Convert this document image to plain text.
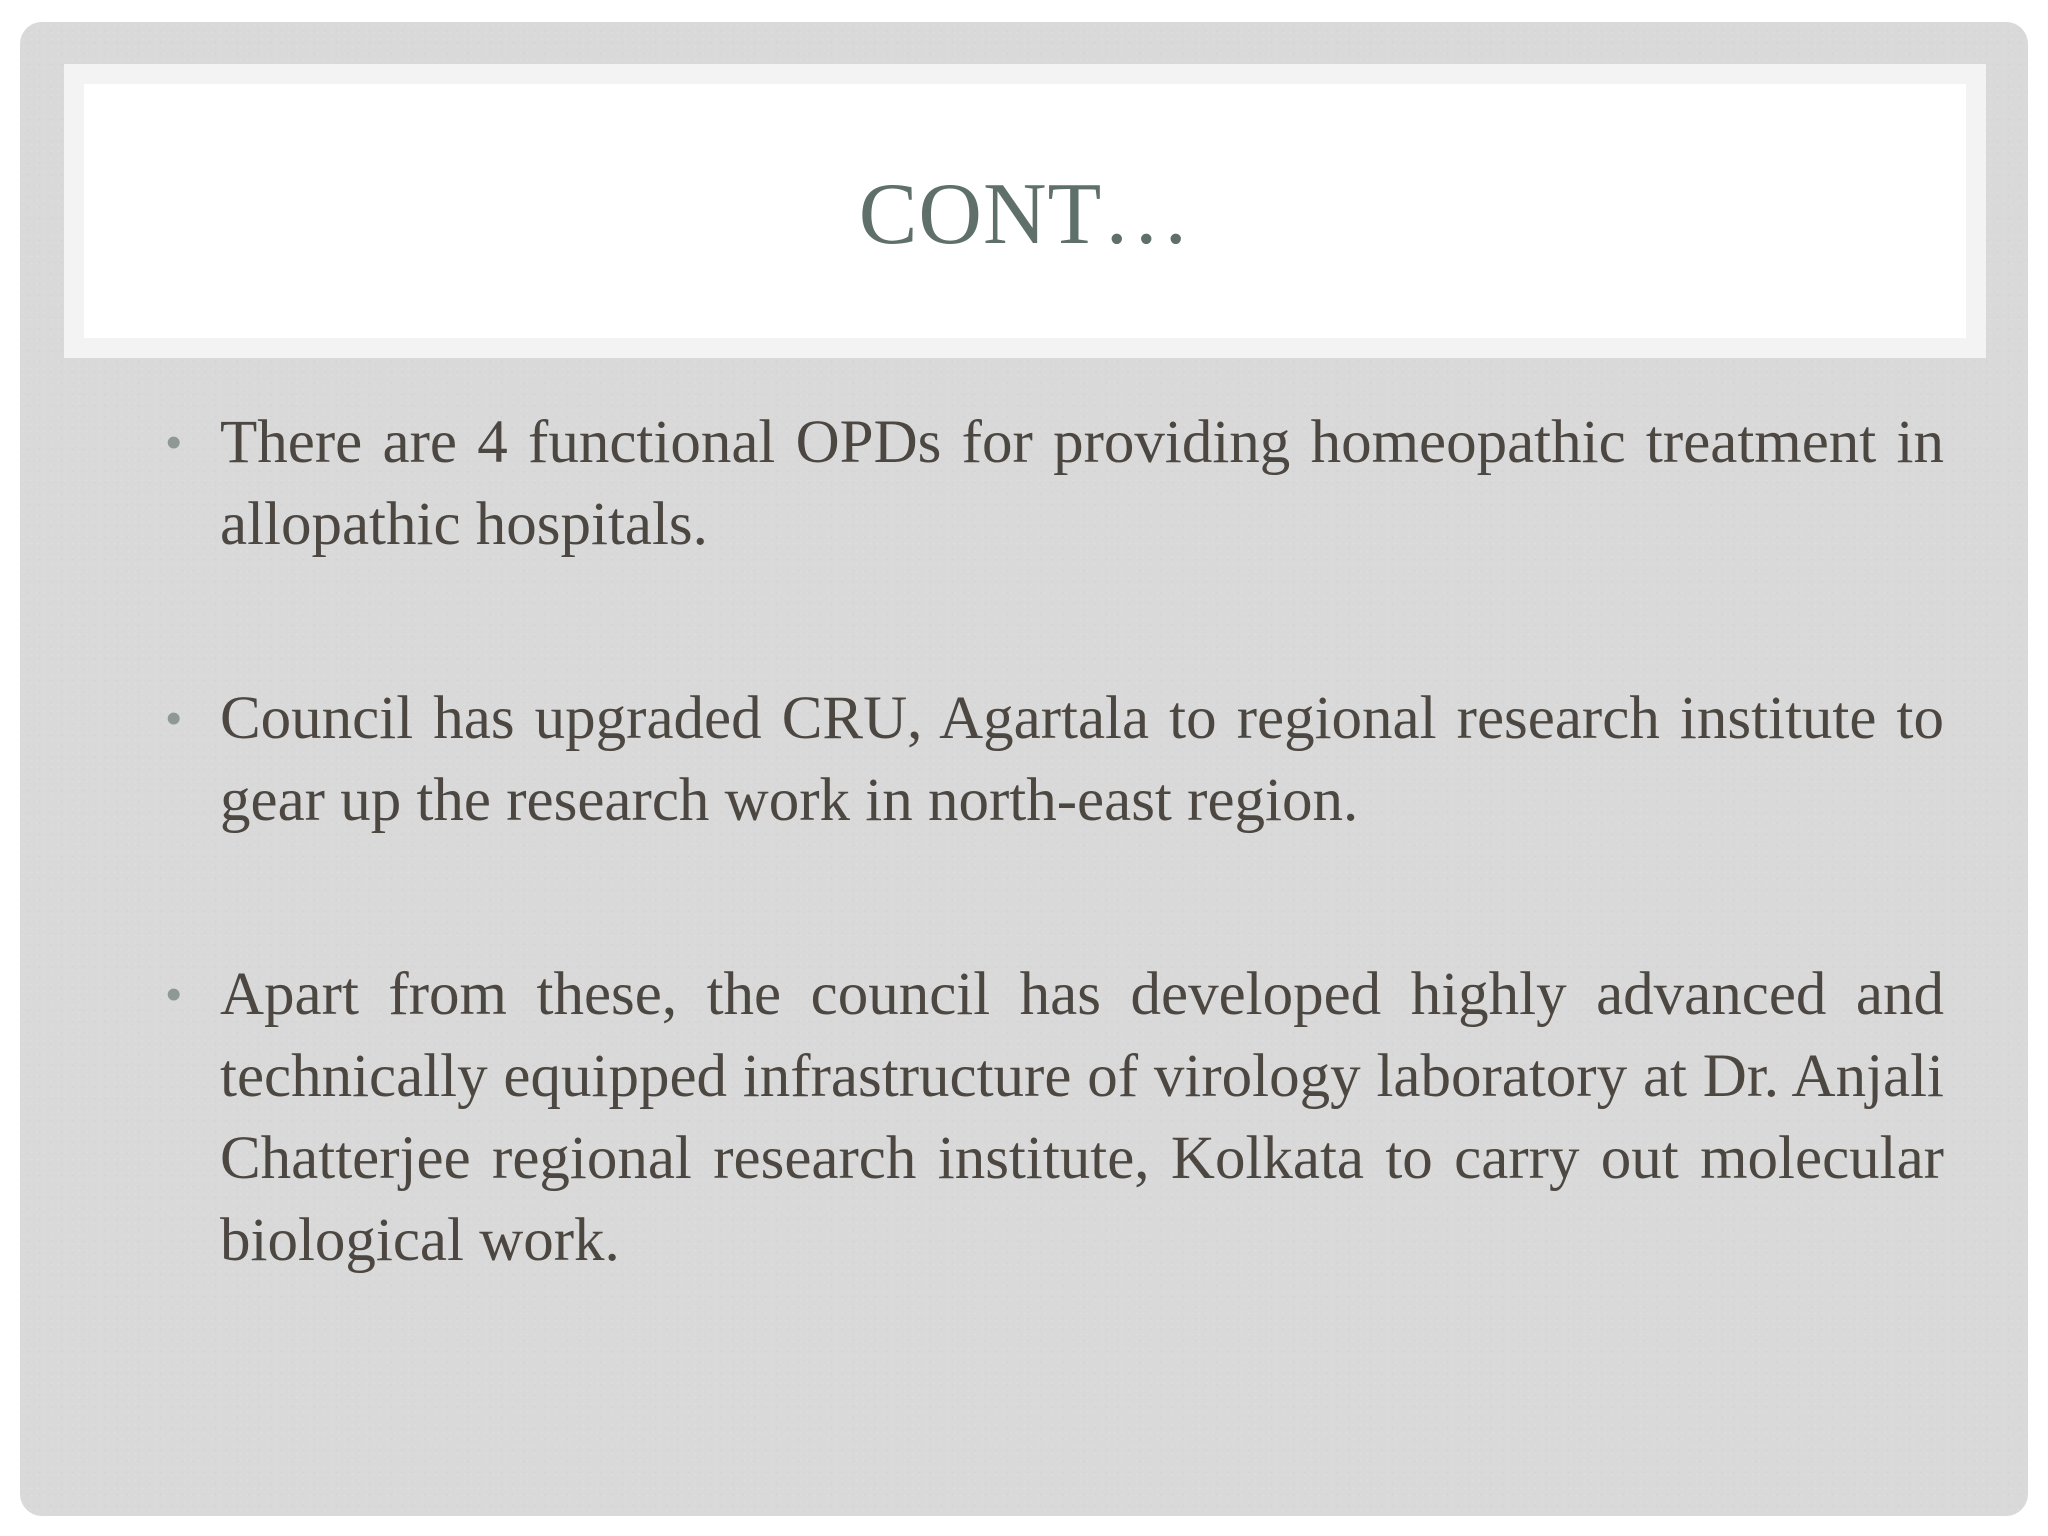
CONT…
• There are 4 functional OPDs for providing homeopathic treatment in allopathic hospitals.
• Council has upgraded CRU, Agartala to regional research institute to gear up the research work in north-east region.
• Apart from these, the council has developed highly advanced and technically equipped infrastructure of virology laboratory at Dr. Anjali Chatterjee regional research institute, Kolkata to carry out molecular biological work.
